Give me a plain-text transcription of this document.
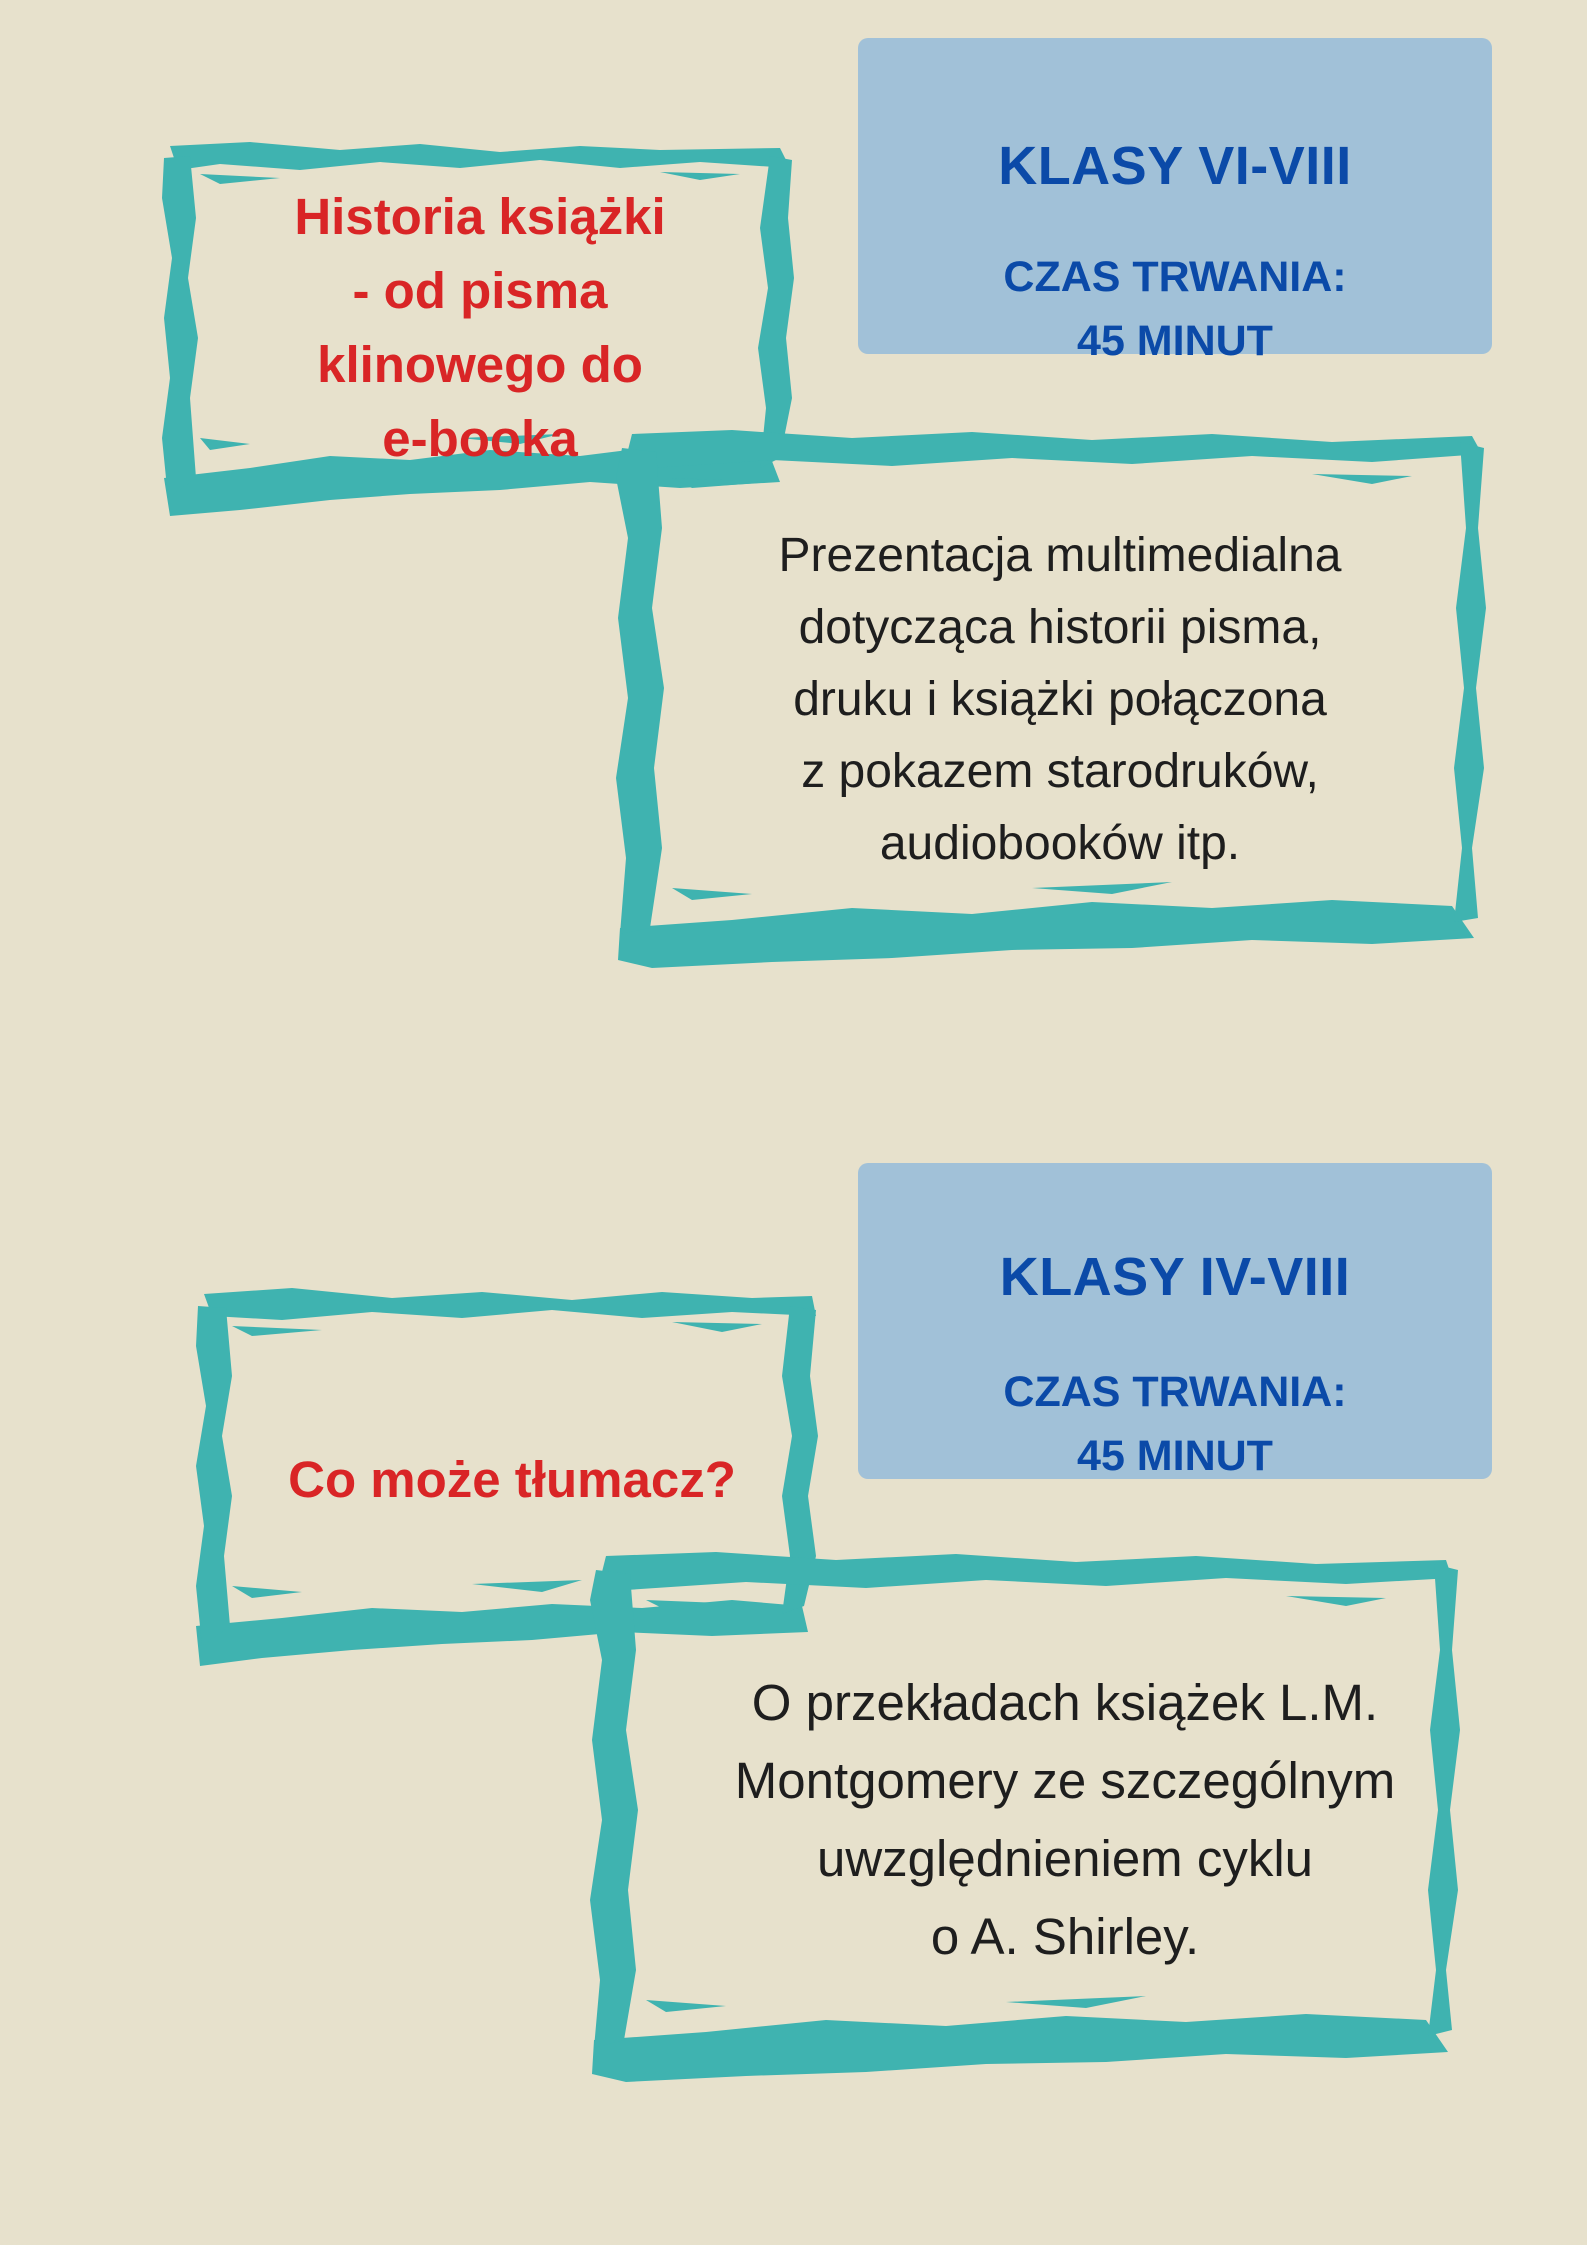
KLASY VI-VIII
CZAS TRWANIA:
45 MINUT
Historia książki
- od pisma
klinowego do
e-booka
Prezentacja multimedialna
dotycząca historii pisma,
druku i książki połączona
z pokazem starodruków,
audiobooków itp.
KLASY IV-VIII
CZAS TRWANIA:
45 MINUT
Co może tłumacz?
O przekładach książek L.M.
Montgomery ze szczególnym
uwzględnieniem cyklu
o A. Shirley.
